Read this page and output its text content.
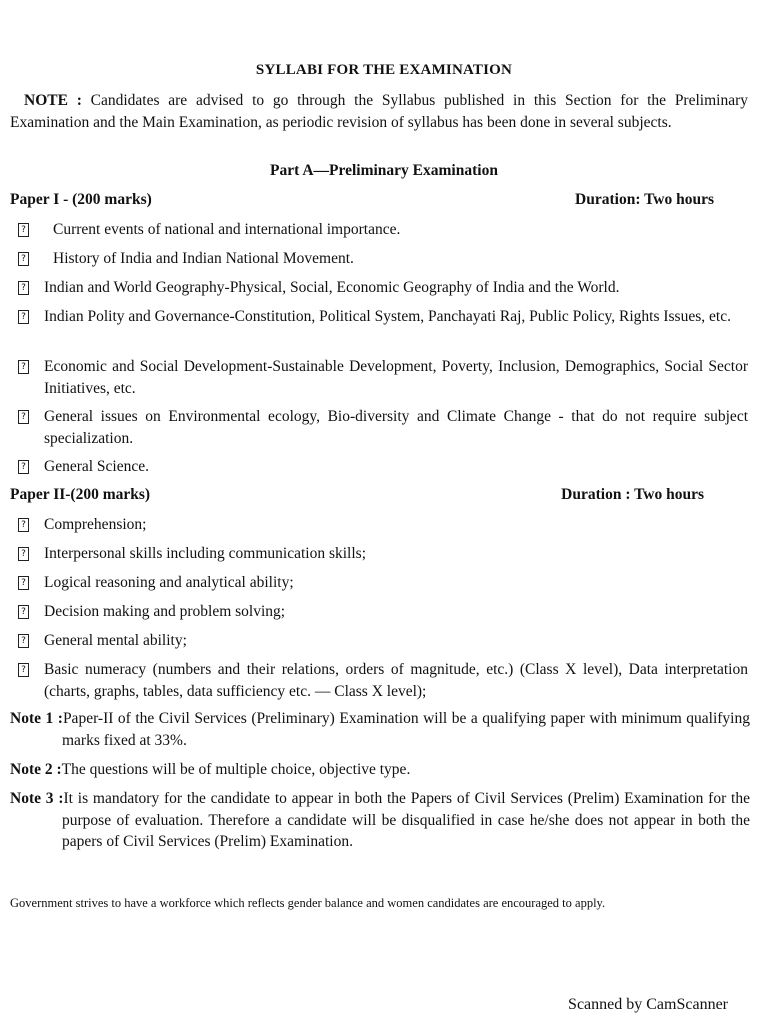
SYLLABI FOR THE EXAMINATION
NOTE : Candidates are advised to go through the Syllabus published in this Section for the Preliminary Examination and the Main Examination, as periodic revision of syllabus has been done in several subjects.
Part A—Preliminary Examination
Paper I - (200 marks)	Duration: Two hours
? Current events of national and international importance.
? History of India and Indian National Movement.
? Indian and World Geography-Physical, Social, Economic Geography of India and the World.
? Indian Polity and Governance-Constitution, Political System, Panchayati Raj, Public Policy, Rights Issues, etc.
? Economic and Social Development-Sustainable Development, Poverty, Inclusion, Demographics, Social Sector Initiatives, etc.
? General issues on Environmental ecology, Bio-diversity and Climate Change - that do not require subject specialization.
? General Science.
Paper II-(200 marks)	Duration : Two hours
? Comprehension;
? Interpersonal skills including communication skills;
? Logical reasoning and analytical ability;
? Decision making and problem solving;
? General mental ability;
? Basic numeracy (numbers and their relations, orders of magnitude, etc.) (Class X level), Data interpretation (charts, graphs, tables, data sufficiency etc. — Class X level);
Note 1 :Paper-II of the Civil Services (Preliminary) Examination will be a qualifying paper with minimum qualifying marks fixed at 33%.
Note 2 :The questions will be of multiple choice, objective type.
Note 3 :It is mandatory for the candidate to appear in both the Papers of Civil Services (Prelim) Examination for the purpose of evaluation. Therefore a candidate will be disqualified in case he/she does not appear in both the papers of Civil Services (Prelim) Examination.
Government strives to have a workforce which reflects gender balance and women candidates are encouraged to apply.
Scanned by CamScanner
